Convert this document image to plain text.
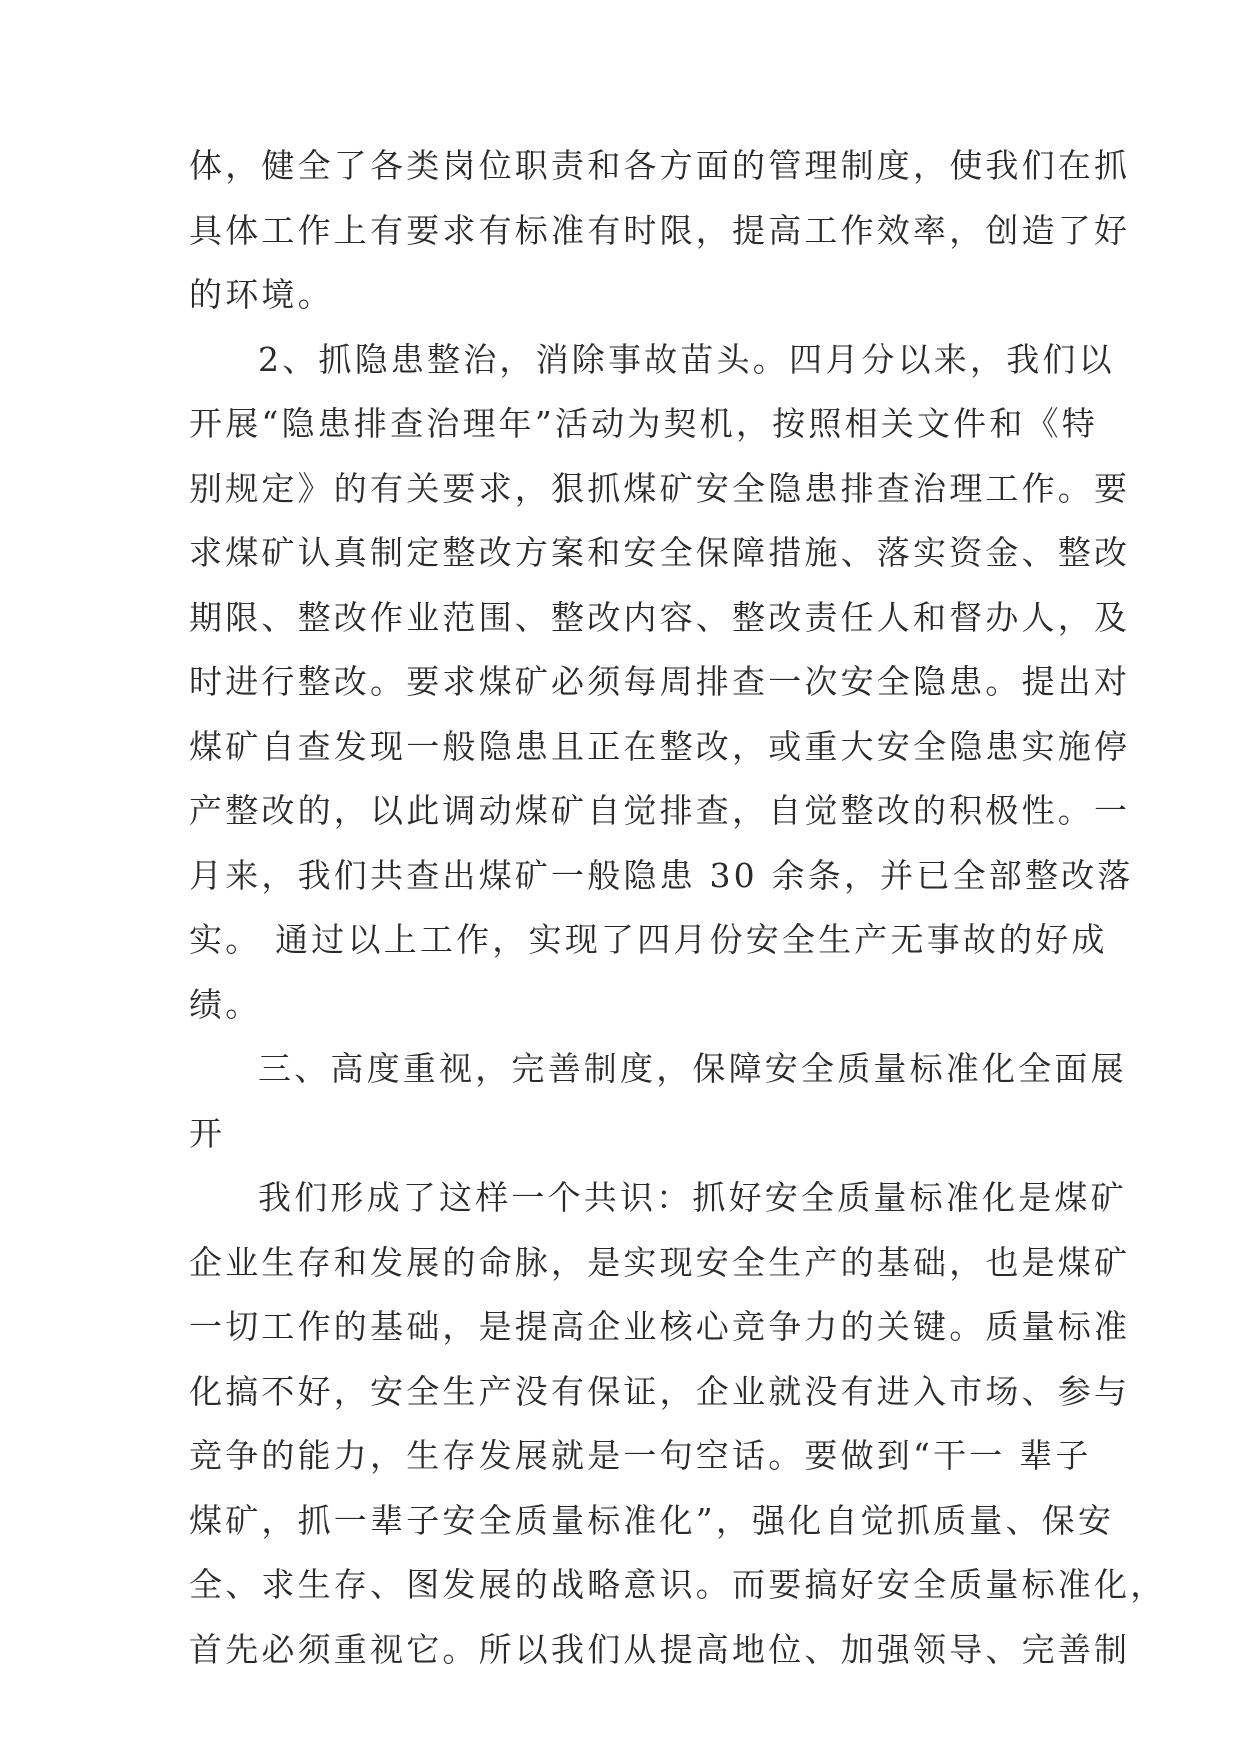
体，健全了各类岗位职责和各方面的管理制度，使我们在抓
具体工作上有要求有标准有时限，提高工作效率，创造了好
的环境。
2、抓隐患整治，消除事故苗头。四月分以来，我们以
开展“隐患排查治理年”活动为契机，按照相关文件和《特
别规定》的有关要求，狠抓煤矿安全隐患排查治理工作。要
求煤矿认真制定整改方案和安全保障措施、落实资金、整改
期限、整改作业范围、整改内容、整改责任人和督办人，及
时进行整改。要求煤矿必须每周排查一次安全隐患。提出对
煤矿自查发现一般隐患且正在整改，或重大安全隐患实施停
产整改的，以此调动煤矿自觉排查，自觉整改的积极性。一
月来，我们共查出煤矿一般隐患 30 余条，并已全部整改落
实。 通过以上工作，实现了四月份安全生产无事故的好成
绩。
三、高度重视，完善制度，保障安全质量标准化全面展
开
我们形成了这样一个共识：抓好安全质量标准化是煤矿
企业生存和发展的命脉，是实现安全生产的基础，也是煤矿
一切工作的基础，是提高企业核心竞争力的关键。质量标准
化搞不好，安全生产没有保证，企业就没有进入市场、参与
竞争的能力，生存发展就是一句空话。要做到“干一 辈子
煤矿，抓一辈子安全质量标准化”，强化自觉抓质量、保安
全、求生存、图发展的战略意识。而要搞好安全质量标准化，
首先必须重视它。所以我们从提高地位、加强领导、完善制
